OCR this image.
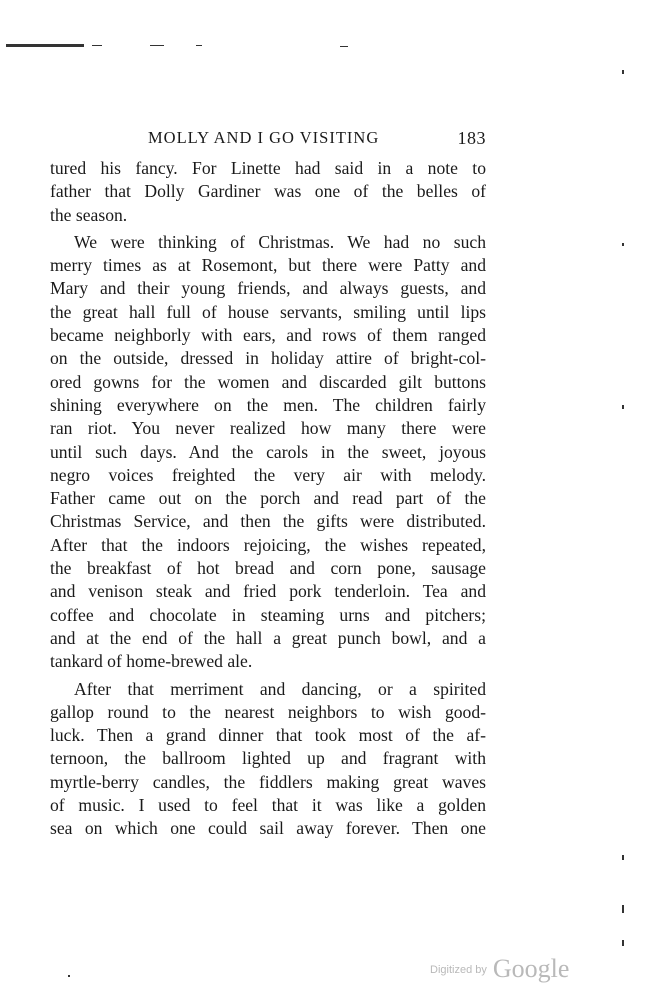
MOLLY AND I GO VISITING	183
tured his fancy. For Linette had said in a note to
father that Dolly Gardiner was one of the belles of
the season.
We were thinking of Christmas. We had no such
merry times as at Rosemont, but there were Patty and
Mary and their young friends, and always guests, and
the great hall full of house servants, smiling until lips
became neighborly with ears, and rows of them ranged
on the outside, dressed in holiday attire of bright-col-
ored gowns for the women and discarded gilt buttons
shining everywhere on the men. The children fairly
ran riot. You never realized how many there were
until such days. And the carols in the sweet, joyous
negro voices freighted the very air with melody.
Father came out on the porch and read part of the
Christmas Service, and then the gifts were distributed.
After that the indoors rejoicing, the wishes repeated,
the breakfast of hot bread and corn pone, sausage
and venison steak and fried pork tenderloin. Tea and
coffee and chocolate in steaming urns and pitchers;
and at the end of the hall a great punch bowl, and a
tankard of home-brewed ale.
After that merriment and dancing, or a spirited
gallop round to the nearest neighbors to wish good-
luck. Then a grand dinner that took most of the af-
ternoon, the ballroom lighted up and fragrant with
myrtle-berry candles, the fiddlers making great waves
of music. I used to feel that it was like a golden
sea on which one could sail away forever. Then one
$^{Digitized by}$ Google
